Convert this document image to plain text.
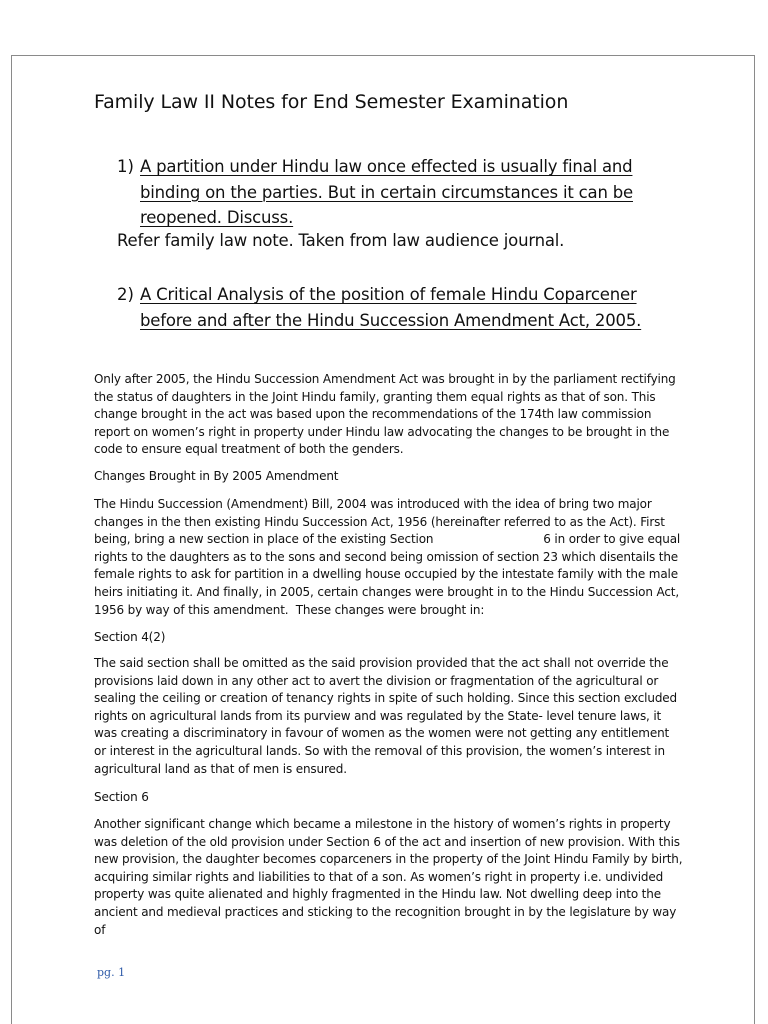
Family Law II Notes for End Semester Examination
1) A partition under Hindu law once effected is usually final and binding on the parties. But in certain circumstances it can be reopened. Discuss.
Refer family law note. Taken from law audience journal.
2) A Critical Analysis of the position of female Hindu Coparcener before and after the Hindu Succession Amendment Act, 2005.

Only after 2005, the Hindu Succession Amendment Act was brought in by the parliament rectifying the status of daughters in the Joint Hindu family, granting them equal rights as that of son. This change brought in the act was based upon the recommendations of the 174th law commission report on women’s right in property under Hindu law advocating the changes to be brought in the code to ensure equal treatment of both the genders.

Changes Brought in By 2005 Amendment

The Hindu Succession (Amendment) Bill, 2004 was introduced with the idea of bring two major changes in the then existing Hindu Succession Act, 1956 (hereinafter referred to as the Act). First being, bring a new section in place of the existing Section                              6 in order to give equal rights to the daughters as to the sons and second being omission of section 23 which disentails the female rights to ask for partition in a dwelling house occupied by the intestate family with the male heirs initiating it. And finally, in 2005, certain changes were brought in to the Hindu Succession Act, 1956 by way of this amendment.  These changes were brought in:

Section 4(2)

The said section shall be omitted as the said provision provided that the act shall not override the provisions laid down in any other act to avert the division or fragmentation of the agricultural or sealing the ceiling or creation of tenancy rights in spite of such holding. Since this section excluded rights on agricultural lands from its purview and was regulated by the State- level tenure laws, it was creating a discriminatory in favour of women as the women were not getting any entitlement or interest in the agricultural lands. So with the removal of this provision, the women’s interest in agricultural land as that of men is ensured.

Section 6

Another significant change which became a milestone in the history of women’s rights in property was deletion of the old provision under Section 6 of the act and insertion of new provision. With this new provision, the daughter becomes coparceners in the property of the Joint Hindu Family by birth, acquiring similar rights and liabilities to that of a son. As women’s right in property i.e. undivided property was quite alienated and highly fragmented in the Hindu law. Not dwelling deep into the ancient and medieval practices and sticking to the recognition brought in by the legislature by way of

pg. 1
